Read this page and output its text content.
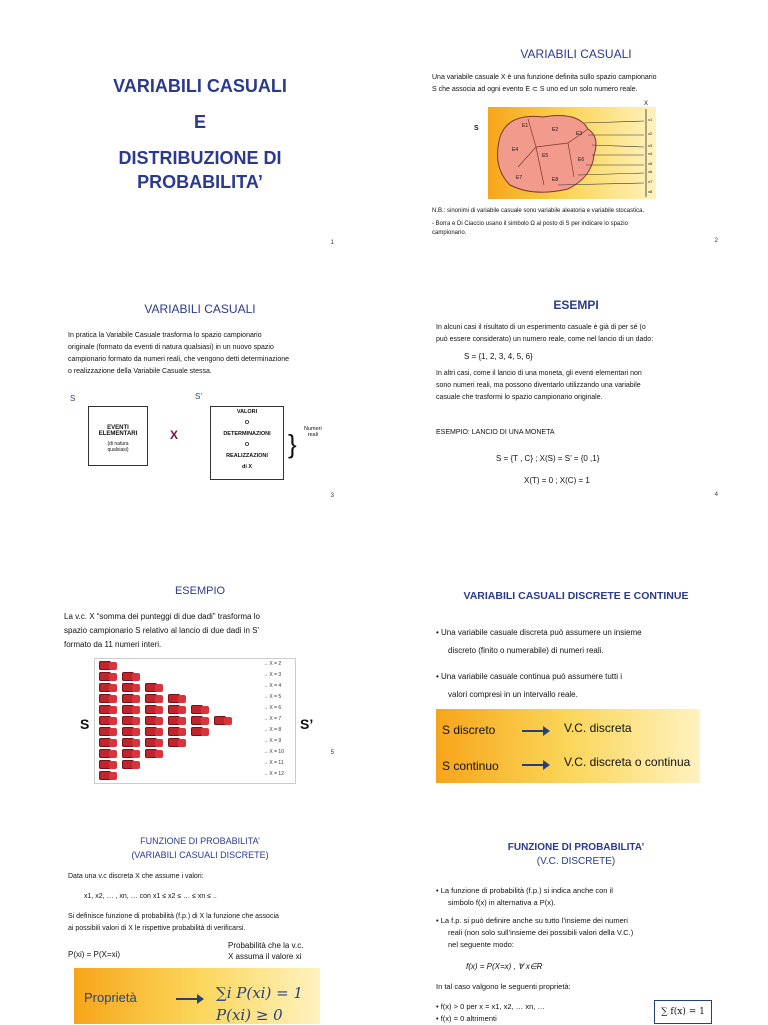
VARIABILI CASUALI
E
DISTRIBUZIONE DI
PROBABILITA’
1
VARIABILI CASUALI
Una variabile casuale X è una funzione definita sullo spazio campionario
S che associa ad ogni evento E ⊂ S uno ed un solo numero reale.
S
X
E1
E2
E3
E4
E5
E6
E7	E8
x1
x2
x3
x4
x5
x6
x7
x8
N.B.: sinonimi di variabile casuale sono variabile aleatoria e variabile stocastica.
- Borra e Di Ciaccio usano il simbolo Ω al posto di S per indicare lo spazio
campionario.
2
VARIABILI CASUALI
In pratica la Variabile Casuale trasforma lo spazio campionario
originale (formato da eventi di natura qualsiasi) in un nuovo spazio
campionario formato da numeri reali, che vengono detti determinazione
o realizzazione della Variabile Casuale stessa.
S	S’
EVENTI
ELEMENTARI
(di natura
qualsiasi)
X
VALORI
O
DETERMINAZIONI
O
REALIZZAZIONI
di X
} Numeri
reali
3
ESEMPI
In alcuni casi il risultato di un esperimento casuale è già di per sé (o
può essere considerato) un numero reale, come nel lancio di un dado:
S = {1, 2, 3, 4, 5, 6}
In altri casi, come il lancio di una moneta, gli eventi elementari non
sono numeri reali, ma possono diventarlo utilizzando una variabile
casuale che trasformi lo spazio campionario originale.
ESEMPIO: LANCIO DI UNA MONETA
S = {T , C} ; X(S) = S’ = {0 ,1}
X(T) = 0 ; X(C) = 1
4
ESEMPIO
La v.c. X “somma dei punteggi di due dadi” trasforma lo
spazio campionario S relativo al lancio di due dadi in S’
formato da 11 numeri interi.
S	S’
→ X = 2
→ X = 3
→ X = 4
→ X = 5
→ X = 6
→ X = 7
→ X = 8
→ X = 9
→ X = 10
→ X = 11
→ X = 12
5
VARIABILI CASUALI DISCRETE E CONTINUE
• Una variabile casuale discreta può assumere un insieme
discreto (finito o numerabile) di numeri reali.
• Una variabile casuale continua può assumere tutti i
valori compresi in un intervallo reale.
S discreto	V.C. discreta
S continuo	V.C. discreta o continua
FUNZIONE DI PROBABILITA’
(VARIABILI CASUALI DISCRETE)
Data una v.c discreta X che assume i valori:
x1, x2, … , xn, … con x1 ≤ x2 ≤ … ≤ xn ≤ ..
Si definisce funzione di probabilità (f.p.) di X la funzione che associa
ai possibili valori di X le rispettive probabilità di verificarsi.
P(xi) = P(X=xi)
Probabilità che la v.c.
X assuma il valore xi
Proprietà	∑i P(xi) = 1
P(xi) ≥ 0
FUNZIONE DI PROBABILITA’
(V.C. DISCRETE)
• La funzione di probabilità (f.p.) si indica anche con il
simbolo f(x) in alternativa a P(x).
• La f.p. si può definire anche su tutto l’insieme dei numeri
reali (non solo sull’insieme dei possibili valori della V.C.)
nel seguente modo:
f(x) = P(X=x) , ∀ x∈R
In tal caso valgono le seguenti proprietà:
• f(x) > 0 per x = x1, x2, … xn, …
• f(x) = 0 altrimenti
∑ f(x) = 1
